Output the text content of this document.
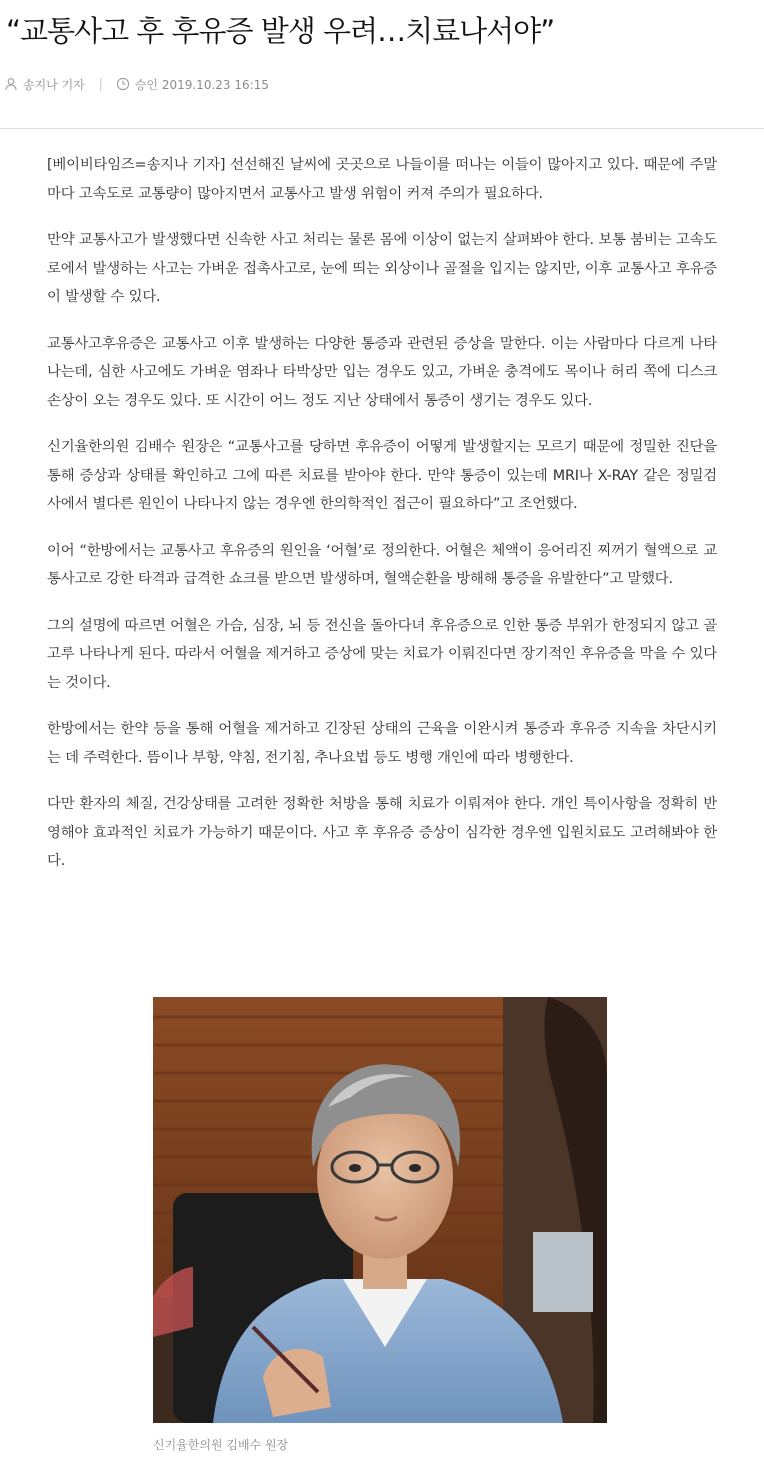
“교통사고 후 후유증 발생 우려…치료나서야”
송지나 기자 |	승인 2019.10.23 16:15

[베이비타임즈=송지나 기자] 선선해진 날씨에 곳곳으로 나들이를 떠나는 이들이 많아지고 있다. 때문에 주말마다 고속도로 교통량이 많아지면서 교통사고 발생 위험이 커져 주의가 필요하다.

만약 교통사고가 발생했다면 신속한 사고 처리는 물론 몸에 이상이 없는지 살펴봐야 한다. 보통 붐비는 고속도로에서 발생하는 사고는 가벼운 접촉사고로, 눈에 띄는 외상이나 골절을 입지는 않지만, 이후 교통사고 후유증이 발생할 수 있다.

교통사고후유증은 교통사고 이후 발생하는 다양한 통증과 관련된 증상을 말한다. 이는 사람마다 다르게 나타나는데, 심한 사고에도 가벼운 염좌나 타박상만 입는 경우도 있고, 가벼운 충격에도 목이나 허리 쪽에 디스크 손상이 오는 경우도 있다. 또 시간이 어느 정도 지난 상태에서 통증이 생기는 경우도 있다.

신기율한의원 김배수 원장은 “교통사고를 당하면 후유증이 어떻게 발생할지는 모르기 때문에 정밀한 진단을 통해 증상과 상태를 확인하고 그에 따른 치료를 받아야 한다. 만약 통증이 있는데 MRI나 X-RAY 같은 정밀검사에서 별다른 원인이 나타나지 않는 경우엔 한의학적인 접근이 필요하다”고 조언했다.

이어 “한방에서는 교통사고 후유증의 원인을 ‘어혈’로 정의한다. 어혈은 체액이 응어리진 찌꺼기 혈액으로 교통사고로 강한 타격과 급격한 쇼크를 받으면 발생하며, 혈액순환을 방해해 통증을 유발한다”고 말했다.

그의 설명에 따르면 어혈은 가슴, 심장, 뇌 등 전신을 돌아다녀 후유증으로 인한 통증 부위가 한정되지 않고 골고루 나타나게 된다. 따라서 어혈을 제거하고 증상에 맞는 치료가 이뤄진다면 장기적인 후유증을 막을 수 있다는 것이다.

한방에서는 한약 등을 통해 어혈을 제거하고 긴장된 상태의 근육을 이완시켜 통증과 후유증 지속을 차단시키는 데 주력한다. 뜸이나 부항, 약침, 전기침, 추나요법 등도 병행 개인에 따라 병행한다.

다만 환자의 체질, 건강상태를 고려한 정확한 처방을 통해 치료가 이뤄져야 한다. 개인 특이사항을 정확히 반영해야 효과적인 치료가 가능하기 때문이다. 사고 후 후유증 증상이 심각한 경우엔 입원치료도 고려해봐야 한다.

신기율한의원 김배수 원장
